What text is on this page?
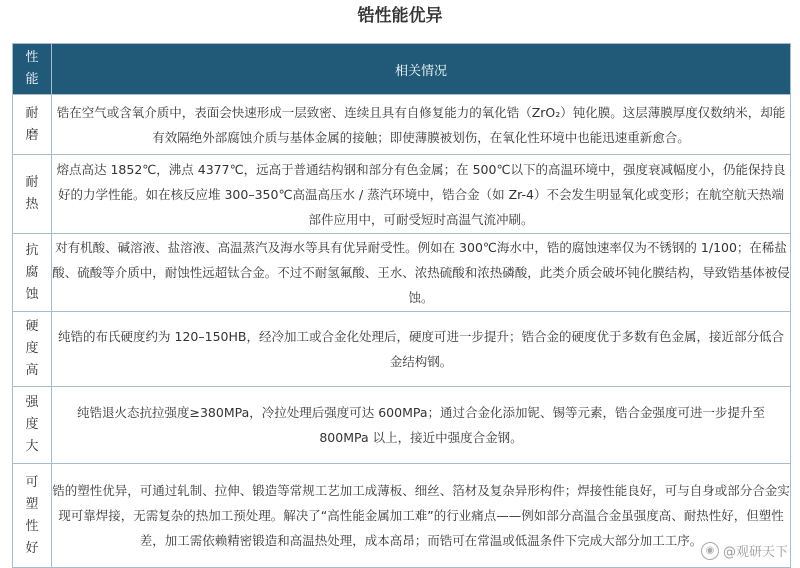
锆性能优异
性
能	相关情况

耐
磨	锆在空气或含氧介质中，表面会快速形成一层致密、连续且具有自修复能力的氧化锆（ZrO₂）钝化膜。这层薄膜厚度仅数纳米，却能有效隔绝外部腐蚀介质与基体金属的接触；即使薄膜被划伤，在氧化性环境中也能迅速重新愈合。

耐
热	熔点高达 1852℃，沸点 4377℃，远高于普通结构钢和部分有色金属；在 500℃以下的高温环境中，强度衰减幅度小，仍能保持良好的力学性能。如在核反应堆 300–350℃高温高压水 / 蒸汽环境中，锆合金（如 Zr-4）不会发生明显氧化或变形；在航空航天热端部件应用中，可耐受短时高温气流冲刷。

抗
腐
蚀	对有机酸、碱溶液、盐溶液、高温蒸汽及海水等具有优异耐受性。例如在 300℃海水中，锆的腐蚀速率仅为不锈钢的 1/100；在稀盐酸、硫酸等介质中，耐蚀性远超钛合金。不过不耐氢氟酸、王水、浓热硫酸和浓热磷酸，此类介质会破坏钝化膜结构，导致锆基体被侵蚀。

硬
度
高	纯锆的布氏硬度约为 120–150HB，经冷加工或合金化处理后，硬度可进一步提升；锆合金的硬度优于多数有色金属，接近部分低合金结构钢。

强
度
大	纯锆退火态抗拉强度≥380MPa，冷拉处理后强度可达 600MPa；通过合金化添加铌、锡等元素，锆合金强度可进一步提升至 800MPa 以上，接近中强度合金钢。

可
塑
性
好	锆的塑性优异，可通过轧制、拉伸、锻造等常规工艺加工成薄板、细丝、箔材及复杂异形构件；焊接性能良好，可与自身或部分合金实现可靠焊接，无需复杂的热加工预处理。解决了“高性能金属加工难”的行业痛点——例如部分高温合金虽强度高、耐热性好，但塑性差，加工需依赖精密锻造和高温热处理，成本高昂；而锆可在常温或低温条件下完成大部分加工工序。
◉ @观研天下
